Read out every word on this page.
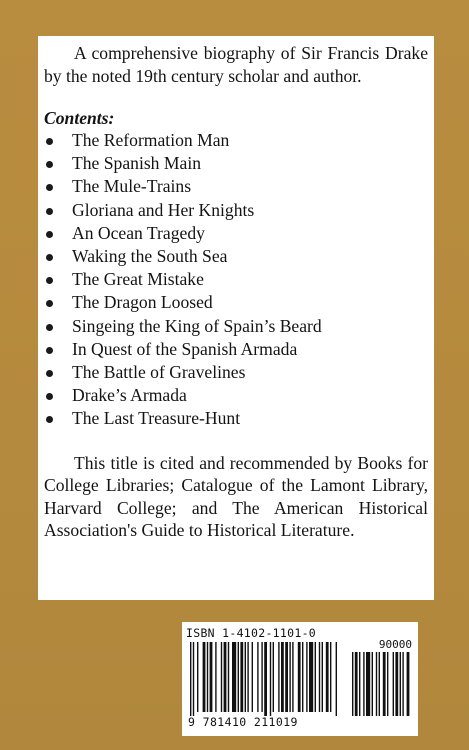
A comprehensive biography of Sir Francis Drake by the noted 19th century scholar and author.

Contents:
The Reformation Man
The Spanish Main
The Mule-Trains
Gloriana and Her Knights
An Ocean Tragedy
Waking the South Sea
The Great Mistake
The Dragon Loosed
Singeing the King of Spain’s Beard
In Quest of the Spanish Armada
The Battle of Gravelines
Drake’s Armada
The Last Treasure-Hunt

This title is cited and recommended by Books for College Libraries; Catalogue of the Lamont Library, Harvard College; and The American Historical Association's Guide to Historical Literature.

ISBN 1-4102-1101-0
90000
9 781410 211019
